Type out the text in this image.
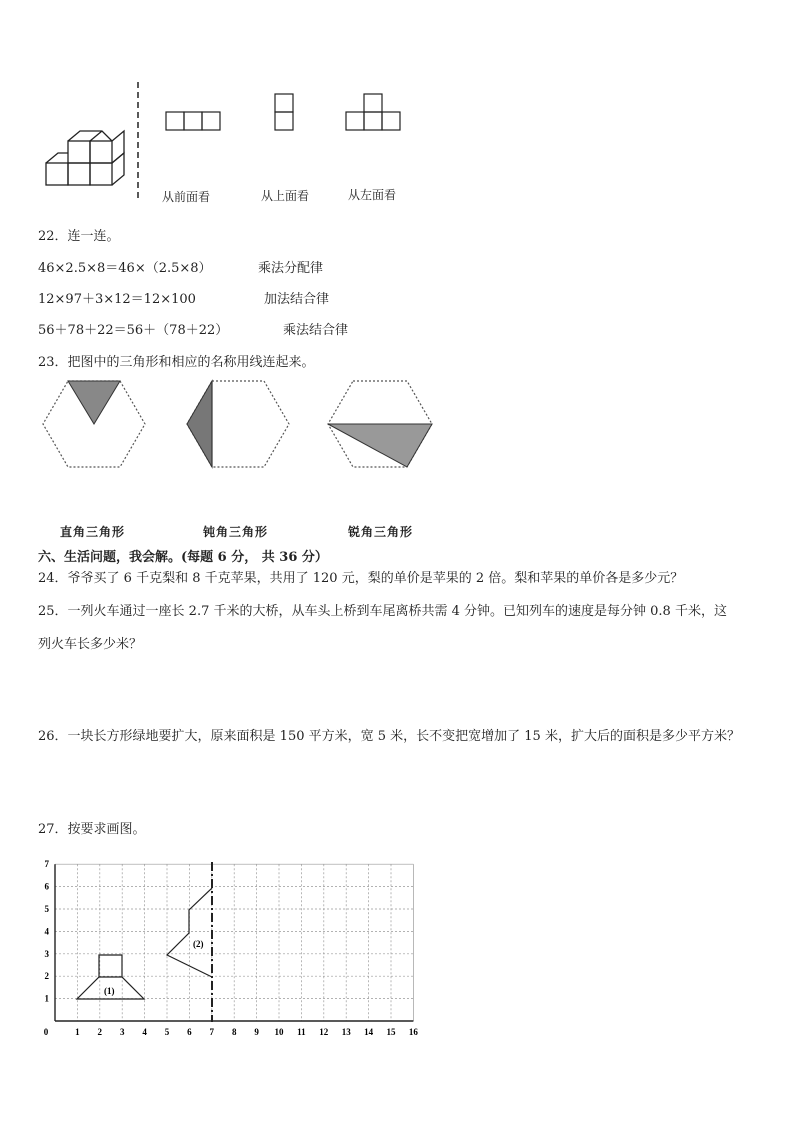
从前面看	从上面看	从左面看
22．连一连。
46×2.5×8＝46×（2.5×8）	乘法分配律
12×97＋3×12＝12×100	加法结合律
56＋78＋22＝56＋（78＋22）	乘法结合律
23．把图中的三角形和相应的名称用线连起来。
直角三角形	钝角三角形	锐角三角形
六、生活问题，我会解。(每题 6 分， 共 36 分）
24．爷爷买了 6 千克梨和 8 千克苹果，共用了 120 元，梨的单价是苹果的 2 倍。梨和苹果的单价各是多少元？
25．一列火车通过一座长 2.7 千米的大桥，从车头上桥到车尾离桥共需 4 分钟。已知列车的速度是每分钟 0.8 千米，这
列火车长多少米？
26．一块长方形绿地要扩大，原来面积是 150 平方米，宽 5 米，长不变把宽增加了 15 米，扩大后的面积是多少平方米？
27．按要求画图。
0	1 2 3 4 5 6 7 8 9 10 11 12 13 14 15 16
1
2
3
4
5
6
7
(1)
(2)
